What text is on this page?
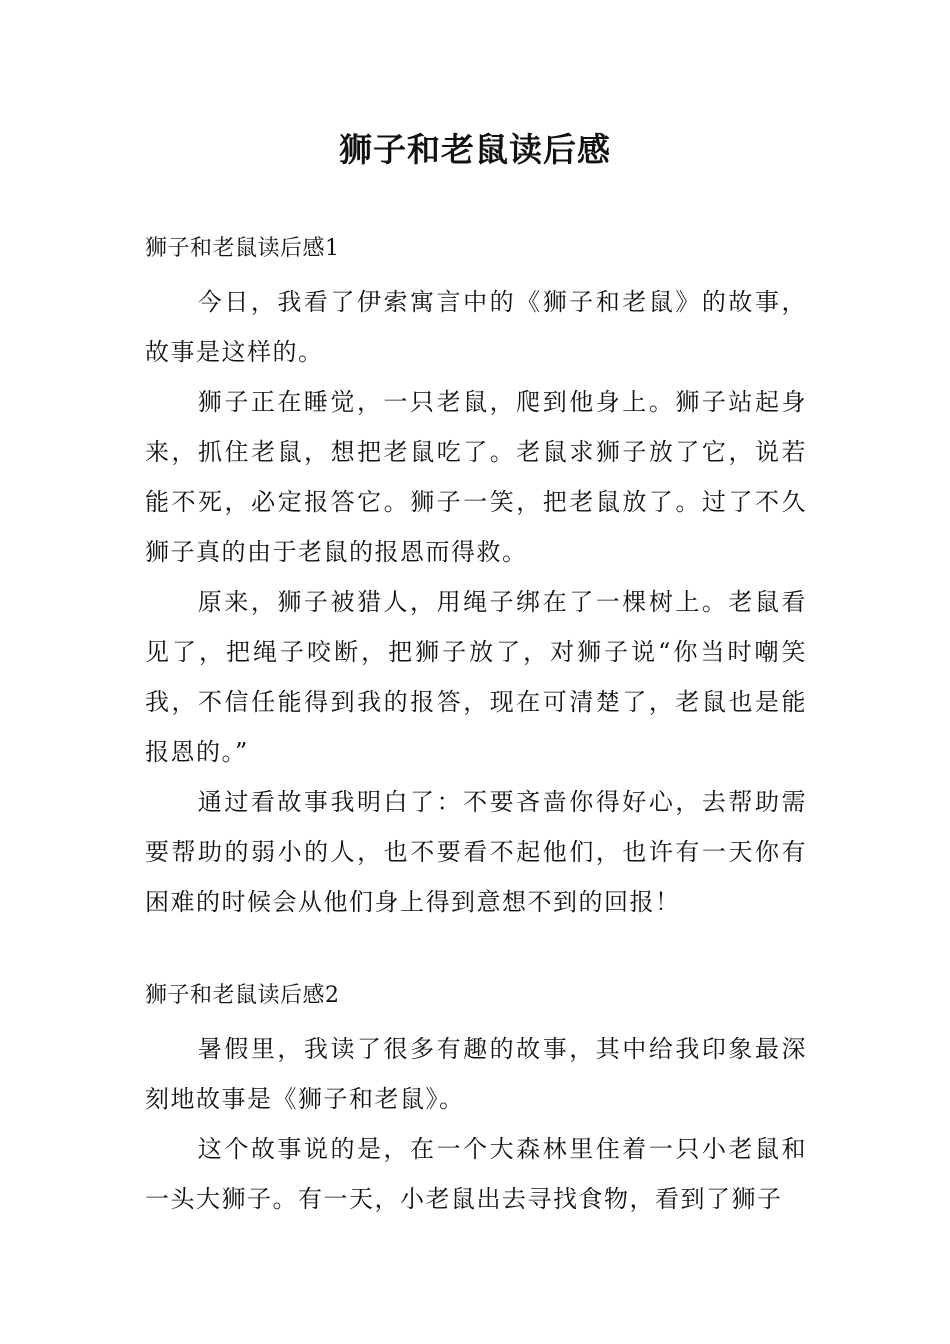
狮子和老鼠读后感

狮子和老鼠读后感1

今日，我看了伊索寓言中的《狮子和老鼠》的故事，故事是这样的。

狮子正在睡觉，一只老鼠，爬到他身上。狮子站起身来，抓住老鼠，想把老鼠吃了。老鼠求狮子放了它，说若能不死，必定报答它。狮子一笑，把老鼠放了。过了不久狮子真的由于老鼠的报恩而得救。

原来，狮子被猎人，用绳子绑在了一棵树上。老鼠看见了，把绳子咬断，把狮子放了，对狮子说“你当时嘲笑我，不信任能得到我的报答，现在可清楚了，老鼠也是能报恩的。”

通过看故事我明白了：不要吝啬你得好心，去帮助需要帮助的弱小的人，也不要看不起他们，也许有一天你有困难的时候会从他们身上得到意想不到的回报！

狮子和老鼠读后感2

暑假里，我读了很多有趣的故事，其中给我印象最深刻地故事是《狮子和老鼠》。

这个故事说的是，在一个大森林里住着一只小老鼠和一头大狮子。有一天，小老鼠出去寻找食物，看到了狮子
